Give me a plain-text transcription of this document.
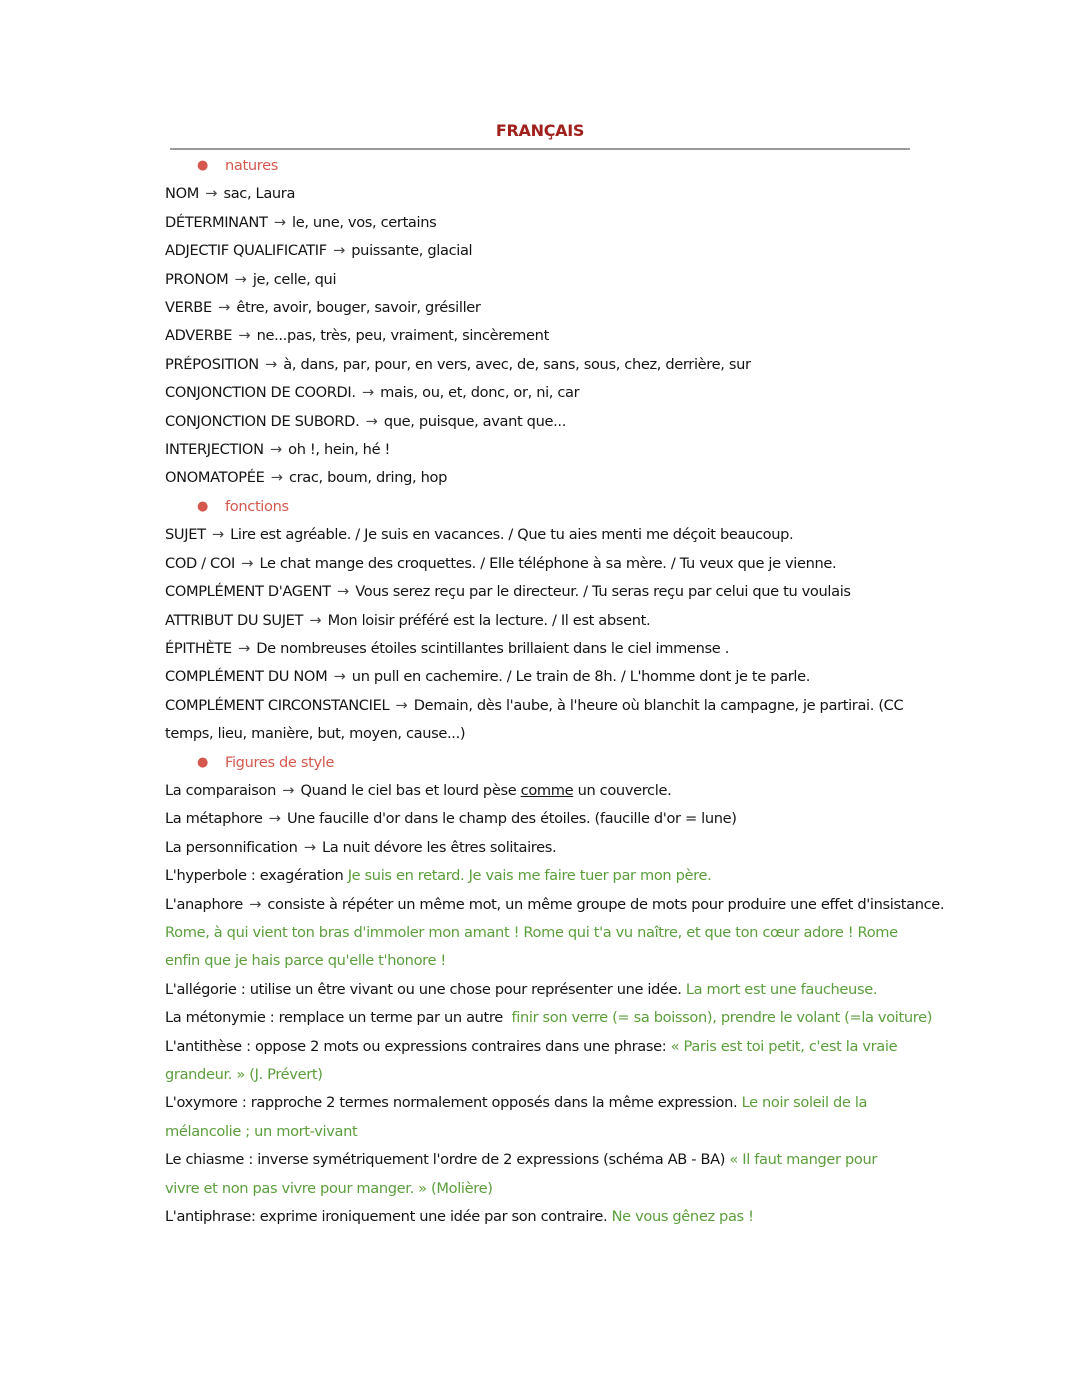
FRANÇAIS
● natures
NOM → sac, Laura
DÉTERMINANT → le, une, vos, certains
ADJECTIF QUALIFICATIF → puissante, glacial
PRONOM → je, celle, qui
VERBE → être, avoir, bouger, savoir, grésiller
ADVERBE → ne...pas, très, peu, vraiment, sincèrement
PRÉPOSITION → à, dans, par, pour, en vers, avec, de, sans, sous, chez, derrière, sur
CONJONCTION DE COORDI. → mais, ou, et, donc, or, ni, car
CONJONCTION DE SUBORD. → que, puisque, avant que...
INTERJECTION → oh !, hein, hé !
ONOMATOPÉE → crac, boum, dring, hop
● fonctions
SUJET → Lire est agréable. / Je suis en vacances. / Que tu aies menti me déçoit beaucoup.
COD / COI → Le chat mange des croquettes. / Elle téléphone à sa mère. / Tu veux que je vienne.
COMPLÉMENT D'AGENT → Vous serez reçu par le directeur. / Tu seras reçu par celui que tu voulais
ATTRIBUT DU SUJET → Mon loisir préféré est la lecture. / Il est absent.
ÉPITHÈTE → De nombreuses étoiles scintillantes brillaient dans le ciel immense .
COMPLÉMENT DU NOM → un pull en cachemire. / Le train de 8h. / L'homme dont je te parle.
COMPLÉMENT CIRCONSTANCIEL → Demain, dès l'aube, à l'heure où blanchit la campagne, je partirai. (CC temps, lieu, manière, but, moyen, cause...)
● Figures de style
La comparaison → Quand le ciel bas et lourd pèse comme un couvercle.
La métaphore → Une faucille d'or dans le champ des étoiles. (faucille d'or = lune)
La personnification → La nuit dévore les êtres solitaires.
L'hyperbole : exagération Je suis en retard. Je vais me faire tuer par mon père.
L'anaphore → consiste à répéter un même mot, un même groupe de mots pour produire une effet d'insistance.
Rome, à qui vient ton bras d'immoler mon amant ! Rome qui t'a vu naître, et que ton cœur adore ! Rome enfin que je hais parce qu'elle t'honore !
L'allégorie : utilise un être vivant ou une chose pour représenter une idée. La mort est une faucheuse.
La métonymie : remplace un terme par un autre finir son verre (= sa boisson), prendre le volant (=la voiture)
L'antithèse : oppose 2 mots ou expressions contraires dans une phrase: « Paris est toi petit, c'est la vraie grandeur. » (J. Prévert)
L'oxymore : rapproche 2 termes normalement opposés dans la même expression. Le noir soleil de la mélancolie ; un mort-vivant
Le chiasme : inverse symétriquement l'ordre de 2 expressions (schéma AB - BA) « Il faut manger pour vivre et non pas vivre pour manger. » (Molière)
L'antiphrase: exprime ironiquement une idée par son contraire. Ne vous gênez pas !
